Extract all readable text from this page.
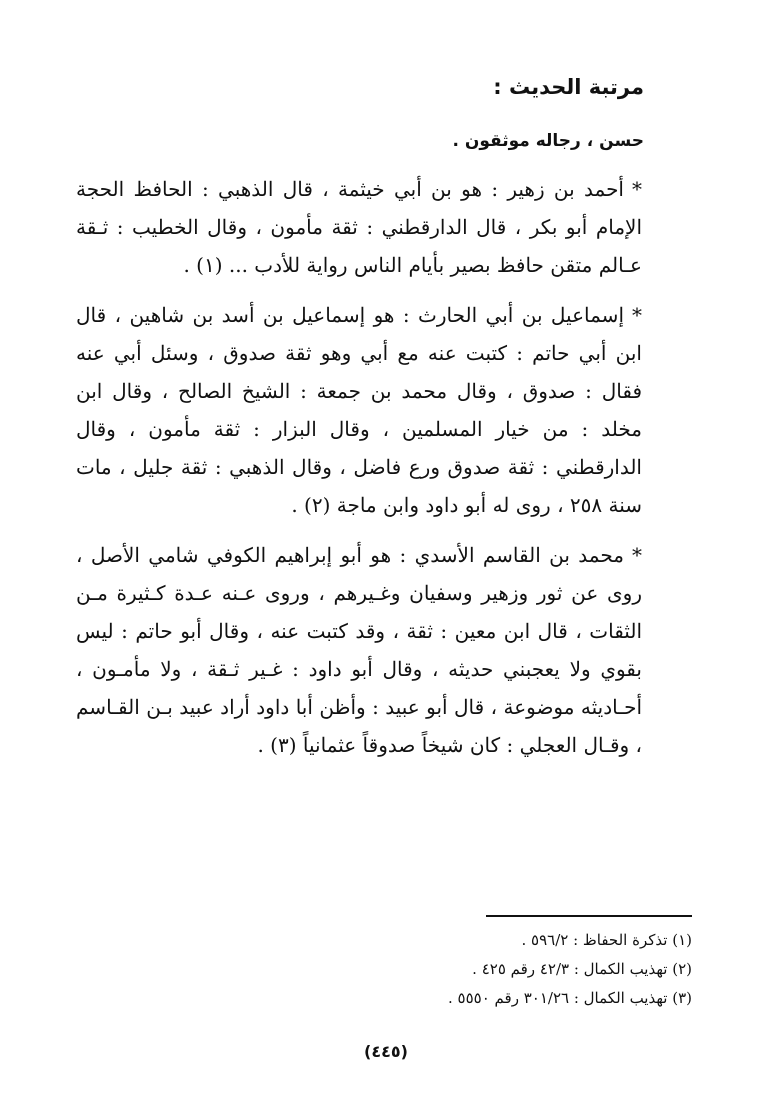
مرتبة الحديث :
حسن ، رجاله موثقون .

*أحمد بن زهير : هو بن أبي خيثمة ، قال الذهبي : الحافظ الحجة الإمام أبو بكر ، قال الدارقطني : ثقة مأمون ، وقال الخطيب : ثـقة عـالم متقن حافظ بصير بأيام الناس رواية للأدب ... (١) .

*إسماعيل بن أبي الحارث : هو إسماعيل بن أسد بن شاهين ، قال ابن أبي حاتم : كتبت عنه مع أبي وهو ثقة صدوق ، وسئل أبي عنه فقال : صدوق ، وقال محمد بن جمعة : الشيخ الصالح ، وقال ابن مخلد : من خيار المسلمين ، وقال البزار : ثقة مأمون ، وقال الدارقطني : ثقة صدوق ورع فاضل ، وقال الذهبي : ثقة جليل ، مات سنة ٢٥٨ ، روى له أبو داود وابن ماجة (٢) .

*محمد بن القاسم الأسدي : هو أبو إبراهيم الكوفي شامي الأصل ، روى عن ثور وزهير وسفيان وغـيرهم ، وروى عـنه عـدة كـثيرة مـن الثقات ، قال ابن معين : ثقة ، وقد كتبت عنه ، وقال أبو حاتم : ليس بقوي ولا يعجبني حديثه ، وقال أبو داود : غـير ثـقة ، ولا مأمـون ، أحـاديثه موضوعة ، قال أبو عبيد : وأظن أبا داود أراد عبيد بـن القـاسم ، وقـال العجلي : كان شيخاً صدوقاً عثمانياً (٣) .

(١) تذكرة الحفاظ : ٥٩٦/٢ .
(٢) تهذيب الكمال : ٤٢/٣ رقم ٤٢٥ .
(٣) تهذيب الكمال : ٣٠١/٢٦ رقم ٥٥٥٠ .
(٤٤٥)
